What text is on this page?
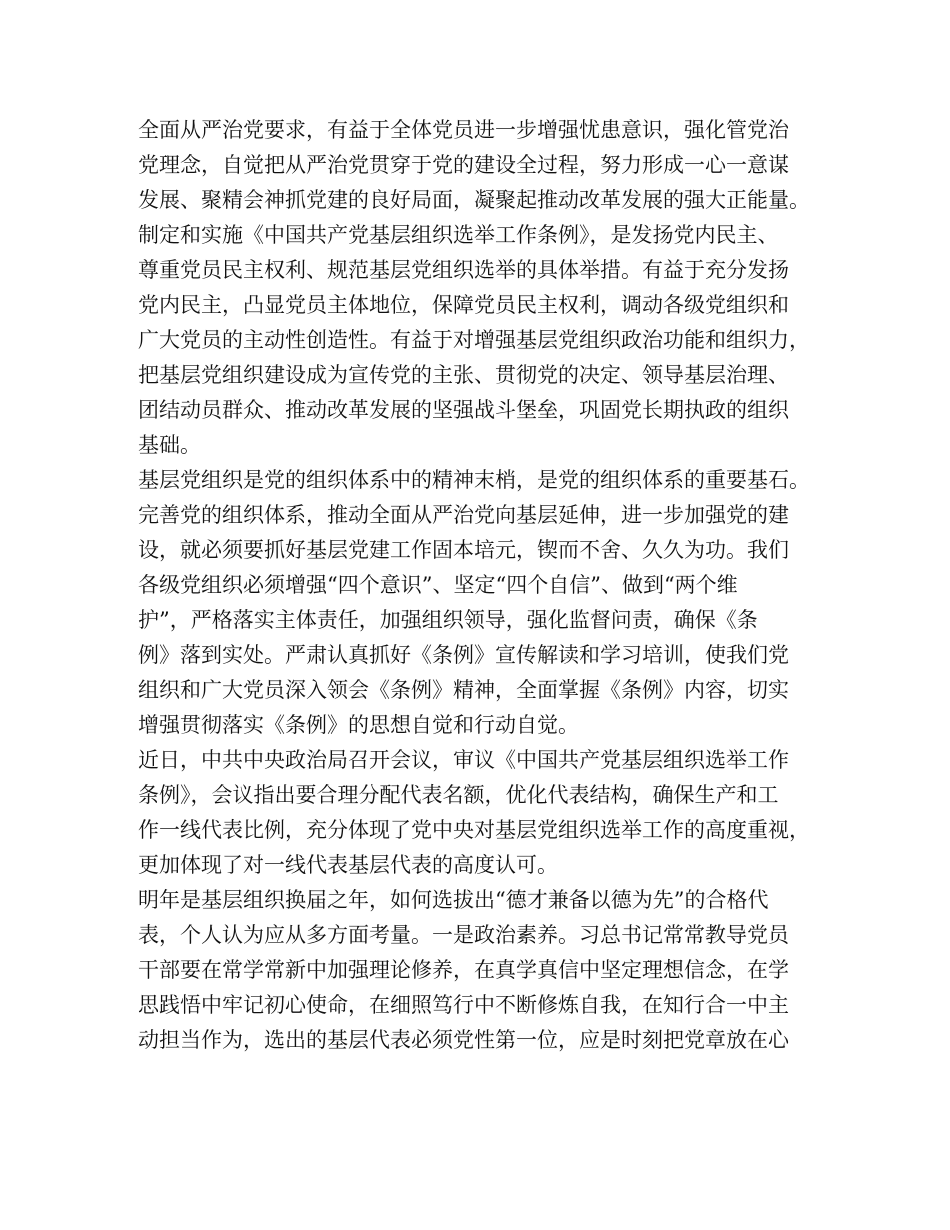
全面从严治党要求，有益于全体党员进一步增强忧患意识，强化管党治
党理念，自觉把从严治党贯穿于党的建设全过程，努力形成一心一意谋
发展、聚精会神抓党建的良好局面，凝聚起推动改革发展的强大正能量。
制定和实施《中国共产党基层组织选举工作条例》，是发扬党内民主、
尊重党员民主权利、规范基层党组织选举的具体举措。有益于充分发扬
党内民主，凸显党员主体地位，保障党员民主权利，调动各级党组织和
广大党员的主动性创造性。有益于对增强基层党组织政治功能和组织力，
把基层党组织建设成为宣传党的主张、贯彻党的决定、领导基层治理、
团结动员群众、推动改革发展的坚强战斗堡垒，巩固党长期执政的组织
基础。
基层党组织是党的组织体系中的精神末梢，是党的组织体系的重要基石。
完善党的组织体系，推动全面从严治党向基层延伸，进一步加强党的建
设，就必须要抓好基层党建工作固本培元，锲而不舍、久久为功。我们
各级党组织必须增强“四个意识”、坚定“四个自信”、做到“两个维
护”，严格落实主体责任，加强组织领导，强化监督问责，确保《条
例》落到实处。严肃认真抓好《条例》宣传解读和学习培训，使我们党
组织和广大党员深入领会《条例》精神，全面掌握《条例》内容，切实
增强贯彻落实《条例》的思想自觉和行动自觉。
近日，中共中央政治局召开会议，审议《中国共产党基层组织选举工作
条例》，会议指出要合理分配代表名额，优化代表结构，确保生产和工
作一线代表比例，充分体现了党中央对基层党组织选举工作的高度重视，
更加体现了对一线代表基层代表的高度认可。
明年是基层组织换届之年，如何选拔出“德才兼备以德为先”的合格代
表，个人认为应从多方面考量。一是政治素养。习总书记常常教导党员
干部要在常学常新中加强理论修养，在真学真信中坚定理想信念，在学
思践悟中牢记初心使命，在细照笃行中不断修炼自我，在知行合一中主
动担当作为，选出的基层代表必须党性第一位，应是时刻把党章放在心
